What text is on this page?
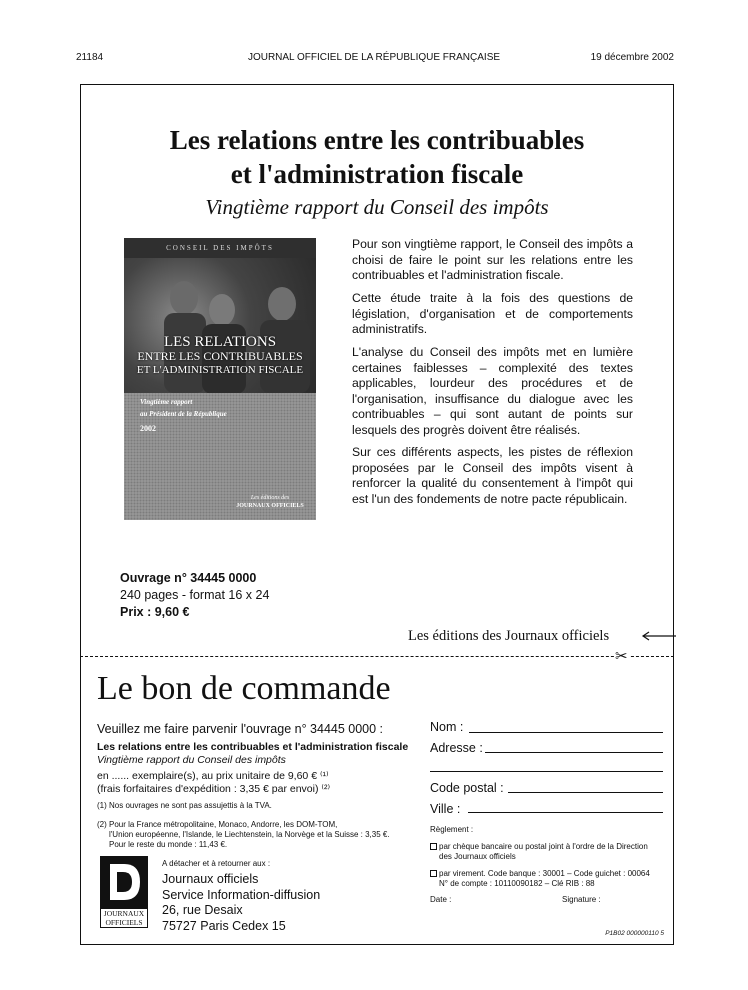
21184	JOURNAL OFFICIEL DE LA RÉPUBLIQUE FRANÇAISE	19 décembre 2002
Les relations entre les contribuables
et l'administration fiscale
Vingtième rapport du Conseil des impôts
CONSEIL DES IMPÔTS
LES RELATIONS
ENTRE LES CONTRIBUABLES
ET L'ADMINISTRATION FISCALE
Vingtième rapport
au Président de la République
2002
Les éditions des
JOURNAUX OFFICIELS
Pour son vingtième rapport, le Conseil des impôts a choisi de faire le point sur les relations entre les contribuables et l'administration fiscale.
Cette étude traite à la fois des questions de législation, d'organisation et de comportements administratifs.
L'analyse du Conseil des impôts met en lumière certaines faiblesses – complexité des textes applicables, lourdeur des procédures et de l'organisation, insuffisance du dialogue avec les contribuables – qui sont autant de points sur lesquels des progrès doivent être réalisés.
Sur ces différents aspects, les pistes de réflexion proposées par le Conseil des impôts visent à renforcer la qualité du consentement à l'impôt qui est l'un des fondements de notre pacte républicain.
Ouvrage n° 34445 0000
240 pages - format 16 x 24
Prix : 9,60 €
Les éditions des Journaux officiels
✂
Le bon de commande
Veuillez me faire parvenir l'ouvrage n° 34445 0000 :
Les relations entre les contribuables et l'administration fiscale
Vingtième rapport du Conseil des impôts
en ...... exemplaire(s), au prix unitaire de 9,60 € ⁽¹⁾
(frais forfaitaires d'expédition : 3,35 € par envoi) ⁽²⁾
(1) Nos ouvrages ne sont pas assujettis à la TVA.
(2) Pour la France métropolitaine, Monaco, Andorre, les DOM-TOM,
l'Union européenne, l'Islande, le Liechtenstein, la Norvège et la Suisse : 3,35 €.
Pour le reste du monde : 11,43 €.
JOURNAUX
OFFICIELS
A détacher et à retourner aux :
Journaux officiels
Service Information-diffusion
26, rue Desaix
75727 Paris Cedex 15
Nom :
Adresse :
Code postal :
Ville :
Règlement :
par chèque bancaire ou postal joint à l'ordre de la Direction
des Journaux officiels
par virement. Code banque : 30001 – Code guichet : 00064
N° de compte : 10110090182 – Clé RIB : 88
Date :	Signature :
P1B02 000000110 5
